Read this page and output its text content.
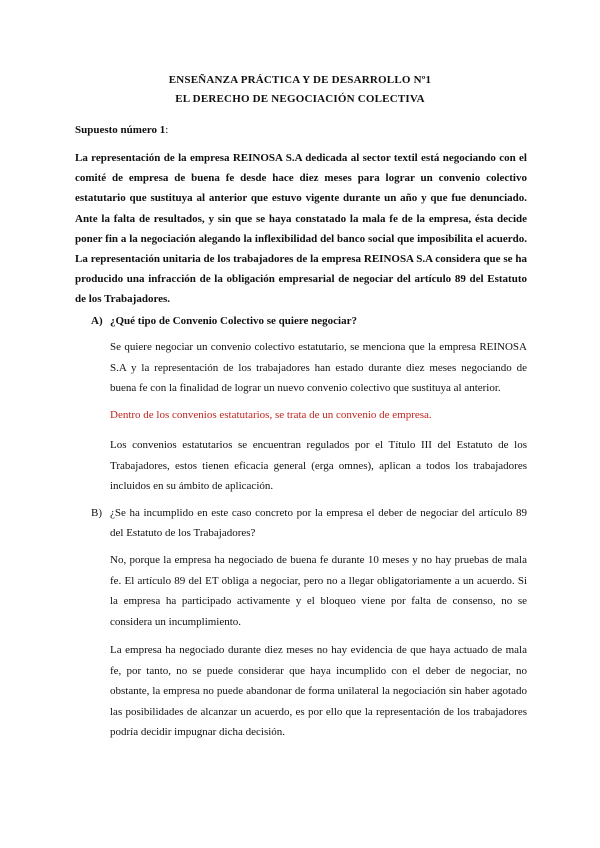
ENSEÑANZA PRÁCTICA Y DE DESARROLLO Nº1
EL DERECHO DE NEGOCIACIÓN COLECTIVA
Supuesto número 1:

La representación de la empresa REINOSA S.A dedicada al sector textil está negociando con el comité de empresa de buena fe desde hace diez meses para lograr un convenio colectivo estatutario que sustituya al anterior que estuvo vigente durante un año y que fue denunciado. Ante la falta de resultados, y sin que se haya constatado la mala fe de la empresa, ésta decide poner fin a la negociación alegando la inflexibilidad del banco social que imposibilita el acuerdo. La representación unitaria de los trabajadores de la empresa REINOSA S.A considera que se ha producido una infracción de la obligación empresarial de negociar del artículo 89 del Estatuto de los Trabajadores.

A) ¿Qué tipo de Convenio Colectivo se quiere negociar?

Se quiere negociar un convenio colectivo estatutario, se menciona que la empresa REINOSA S.A y la representación de los trabajadores han estado durante diez meses negociando de buena fe con la finalidad de lograr un nuevo convenio colectivo que sustituya al anterior.

Dentro de los convenios estatutarios, se trata de un convenio de empresa.

Los convenios estatutarios se encuentran regulados por el Título III del Estatuto de los Trabajadores, estos tienen eficacia general (erga omnes), aplican a todos los trabajadores incluidos en su ámbito de aplicación.

B) ¿Se ha incumplido en este caso concreto por la empresa el deber de negociar del artículo 89 del Estatuto de los Trabajadores?

No, porque la empresa ha negociado de buena fe durante 10 meses y no hay pruebas de mala fe. El artículo 89 del ET obliga a negociar, pero no a llegar obligatoriamente a un acuerdo. Si la empresa ha participado activamente y el bloqueo viene por falta de consenso, no se considera un incumplimiento.

La empresa ha negociado durante diez meses no hay evidencia de que haya actuado de mala fe, por tanto, no se puede considerar que haya incumplido con el deber de negociar, no obstante, la empresa no puede abandonar de forma unilateral la negociación sin haber agotado las posibilidades de alcanzar un acuerdo, es por ello que la representación de los trabajadores podría decidir impugnar dicha decisión.
